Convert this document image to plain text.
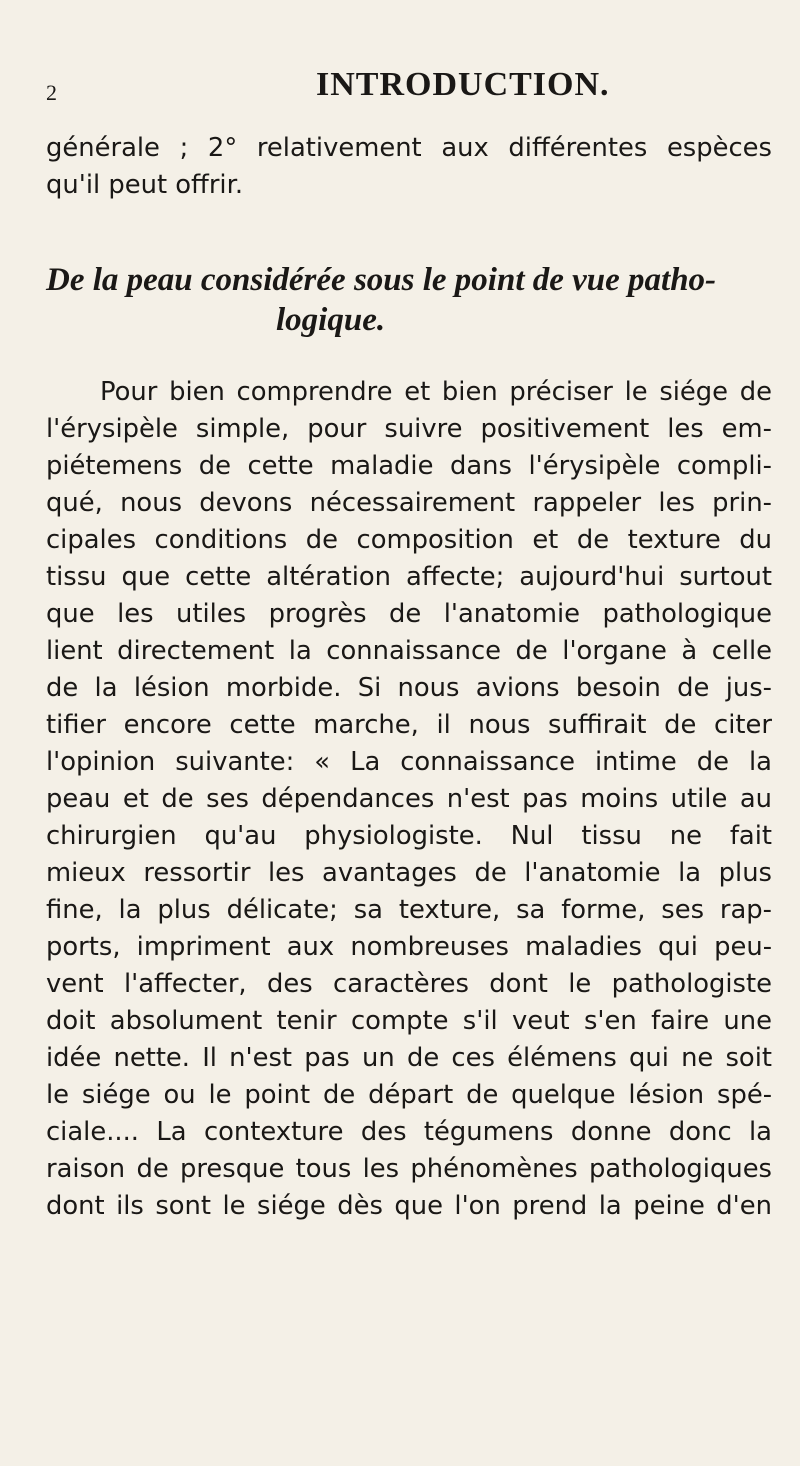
2	INTRODUCTION.
générale ; 2° relativement aux différentes espèces
qu'il peut offrir.
De la peau considérée sous le point de vue patho-
logique.
Pour bien comprendre et bien préciser le siége de
l'érysipèle simple, pour suivre positivement les em-
piétemens de cette maladie dans l'érysipèle compli-
qué, nous devons nécessairement rappeler les prin-
cipales conditions de composition et de texture du
tissu que cette altération affecte; aujourd'hui surtout
que les utiles progrès de l'anatomie pathologique
lient directement la connaissance de l'organe à celle
de la lésion morbide. Si nous avions besoin de jus-
tifier encore cette marche, il nous suffirait de citer
l'opinion suivante: « La connaissance intime de la
peau et de ses dépendances n'est pas moins utile au
chirurgien qu'au physiologiste. Nul tissu ne fait
mieux ressortir les avantages de l'anatomie la plus
fine, la plus délicate; sa texture, sa forme, ses rap-
ports, impriment aux nombreuses maladies qui peu-
vent l'affecter, des caractères dont le pathologiste
doit absolument tenir compte s'il veut s'en faire une
idée nette. Il n'est pas un de ces élémens qui ne soit
le siége ou le point de départ de quelque lésion spé-
ciale.... La contexture des tégumens donne donc la
raison de presque tous les phénomènes pathologiques
dont ils sont le siége dès que l'on prend la peine d'en
